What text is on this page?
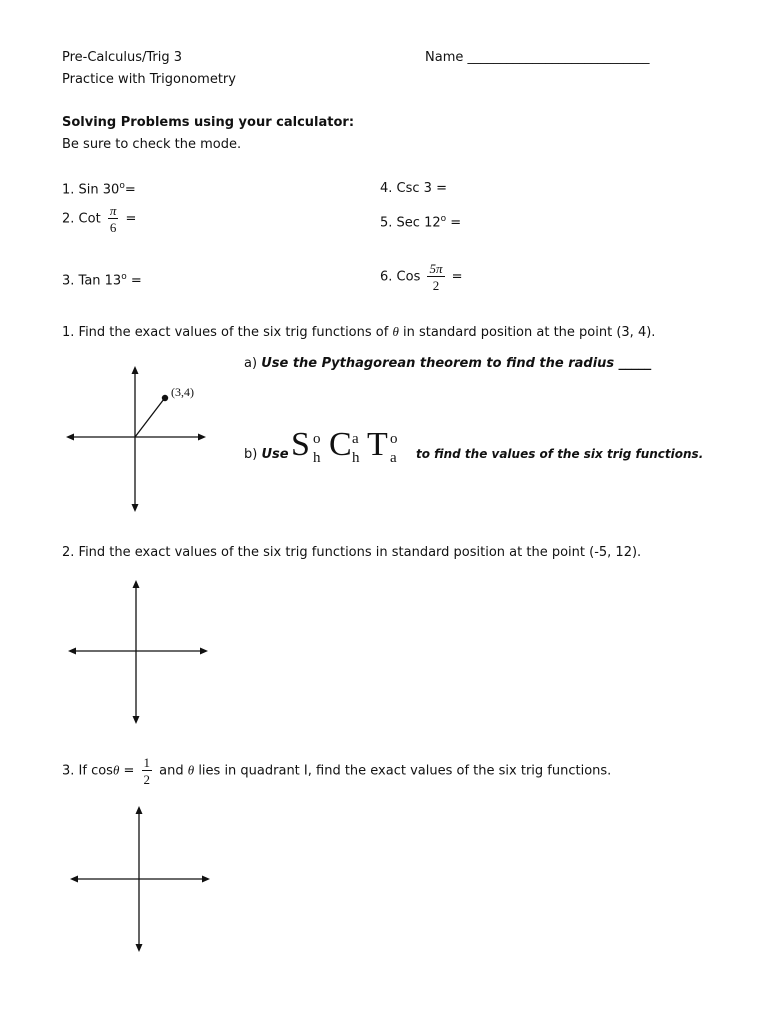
Pre-Calculus/Trig 3
Practice with Trigonometry
Name ____________________________
Solving Problems using your calculator:
Be sure to check the mode.
1. Sin $30^o=$
2. Cot $\frac{\pi}{6}$ =
3. Tan $13^o$ =
4. Csc 3 =
5. Sec $12^o$ =
6. Cos $\frac{5\pi}{2}$ =
1. Find the exact values of the six trig functions of θ in standard position at the point (3, 4).
a) Use the Pythagorean theorem to find the radius _____
(3,4)
b) Use S o
h C a
h T o
a to find the values of the six trig functions.
2. Find the exact values of the six trig functions in standard position at the point (-5, 12).
3. If $\cos\theta = \frac{1}{2}$ and θ lies in quadrant I, find the exact values of the six trig functions.
